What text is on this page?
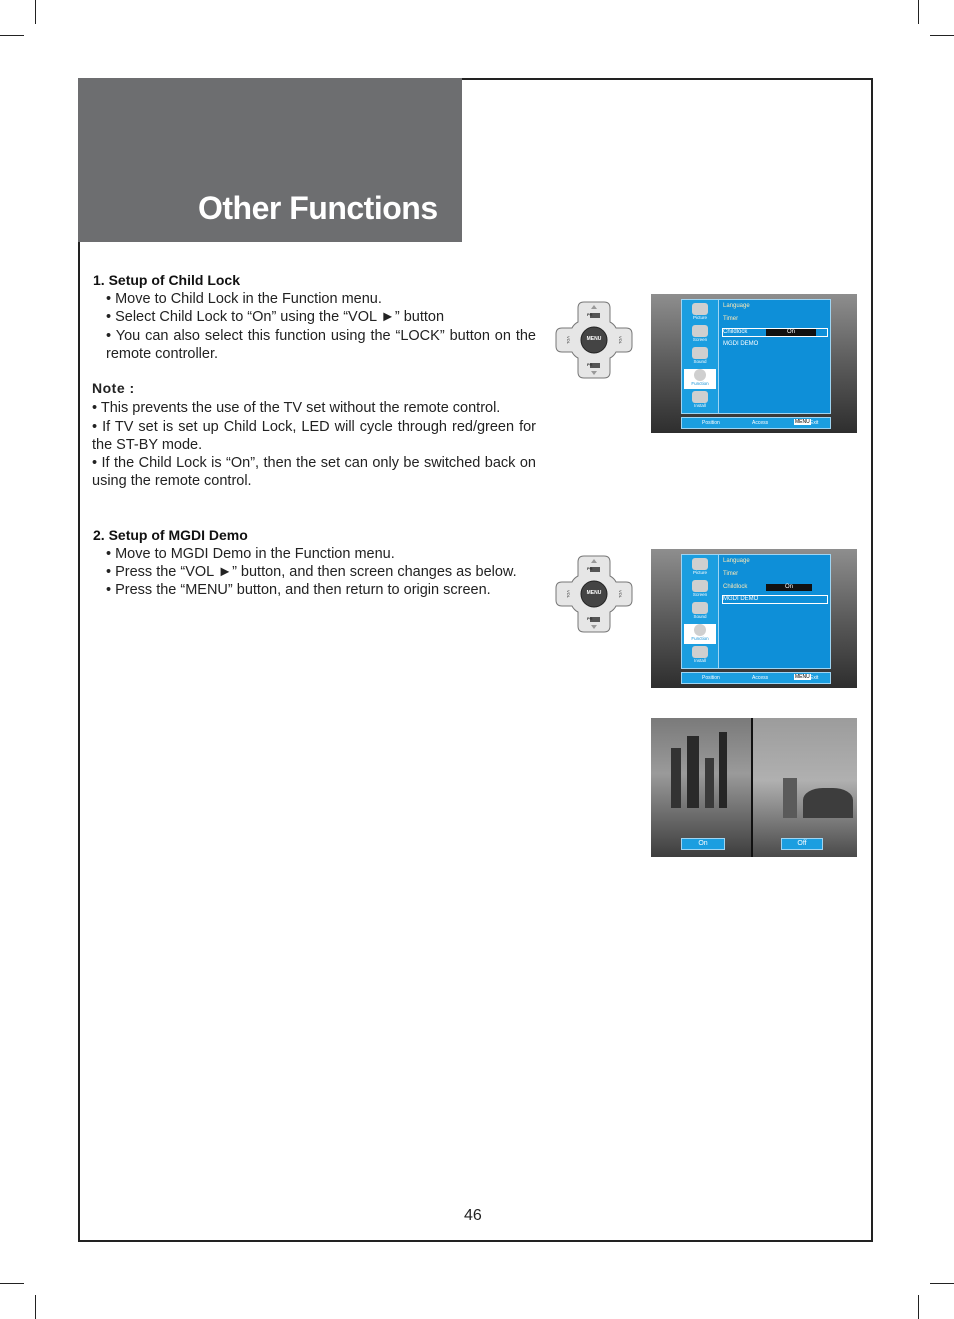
Other Functions
1. Setup of Child Lock
• Move to Child Lock in the Function menu.
• Select Child Lock to “On” using the “VOL ►” button
• You can also select this function using the “LOCK” button on the remote controller.
Note :
• This prevents the use of the TV set without the remote control.
• If TV set is set up Child Lock, LED will cycle through red/green for the ST-BY mode.
• If the Child Lock is “On”, then the set can only be switched back on using the remote control.
2. Setup of MGDI Demo
• Move to MGDI Demo in the Function menu.
• Press the “VOL ►” button, and then screen changes as below.
• Press the “MENU” button, and then return to origin screen.
MENU
PR
PR
VOL	VOL
Picture
Screen
Sound
Function
Install
Language
Timer
Childlock	On
MGDI DEMO
Position	Access	MENU Exit
MENU
PR
PR
VOL	VOL
Picture
Screen
Sound
Function
Install
Language
Timer
Childlock	On
MGDI DEMO
Position	Access	MENU Exit
On	Off
46
